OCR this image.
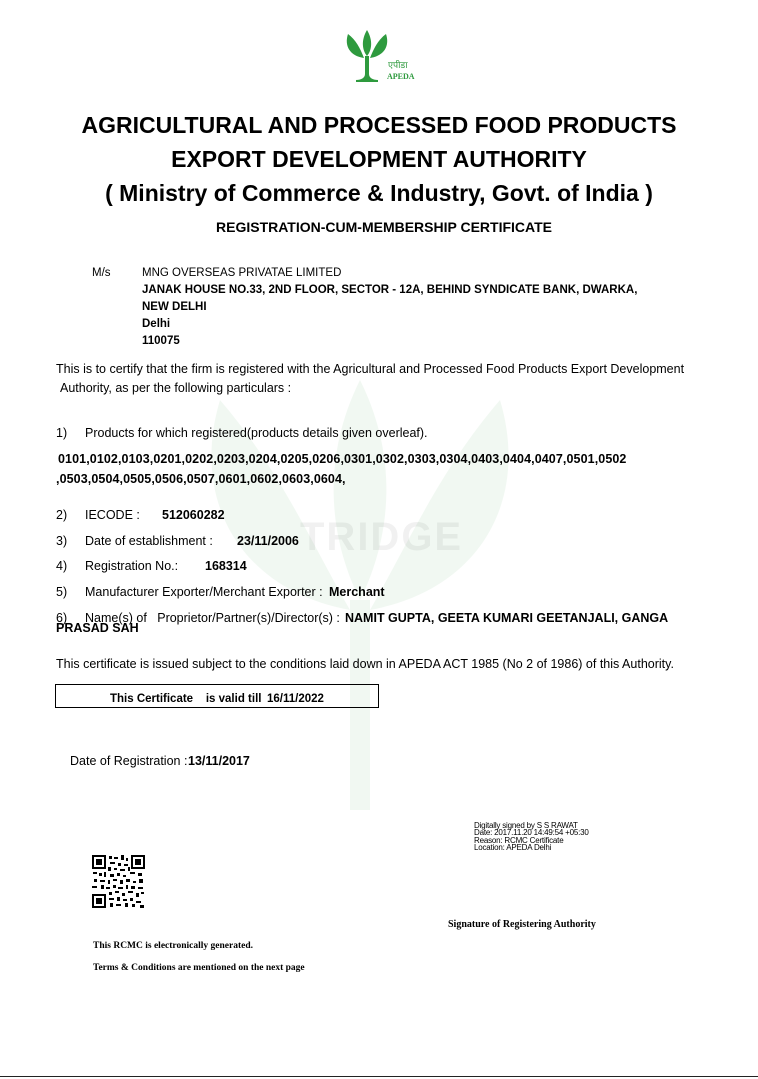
TRIDGE
एपीडा
APEDA
AGRICULTURAL AND PROCESSED FOOD PRODUCTS
EXPORT DEVELOPMENT AUTHORITY
( Ministry of Commerce & Industry, Govt. of India )
REGISTRATION-CUM-MEMBERSHIP CERTIFICATE
M/s	MNG OVERSEAS PRIVATAE LIMITED
JANAK HOUSE NO.33, 2ND FLOOR, SECTOR - 12A, BEHIND SYNDICATE BANK, DWARKA,
NEW DELHI
Delhi
110075
This is to certify that the firm is registered with the Agricultural and Processed Food Products Export Development
Authority, as per the following particulars :
1) Products for which registered(products details given overleaf).
0101,0102,0103,0201,0202,0203,0204,0205,0206,0301,0302,0303,0304,0403,0404,0407,0501,0502
,0503,0504,0505,0506,0507,0601,0602,0603,0604,
2) IECODE : 512060282
3) Date of establishment : 23/11/2006
4) Registration No.: 168314
5) Manufacturer Exporter/Merchant Exporter : Merchant
6) Name(s) of   Proprietor/Partner(s)/Director(s) : NAMIT GUPTA, GEETA KUMARI GEETANJALI, GANGA
PRASAD SAH
This certificate is issued subject to the conditions laid down in APEDA ACT 1985 (No 2 of 1986) of this Authority.
This Certificate    is valid till 16/11/2022
Date of Registration : 13/11/2017
Digitally signed by S S RAWAT
Date: 2017.11.20 14:49:54 +05:30
Reason: RCMC Certificate
Location: APEDA Delhi
Signature of Registering Authority
This RCMC is electronically generated.
Terms & Conditions are mentioned on the next page
